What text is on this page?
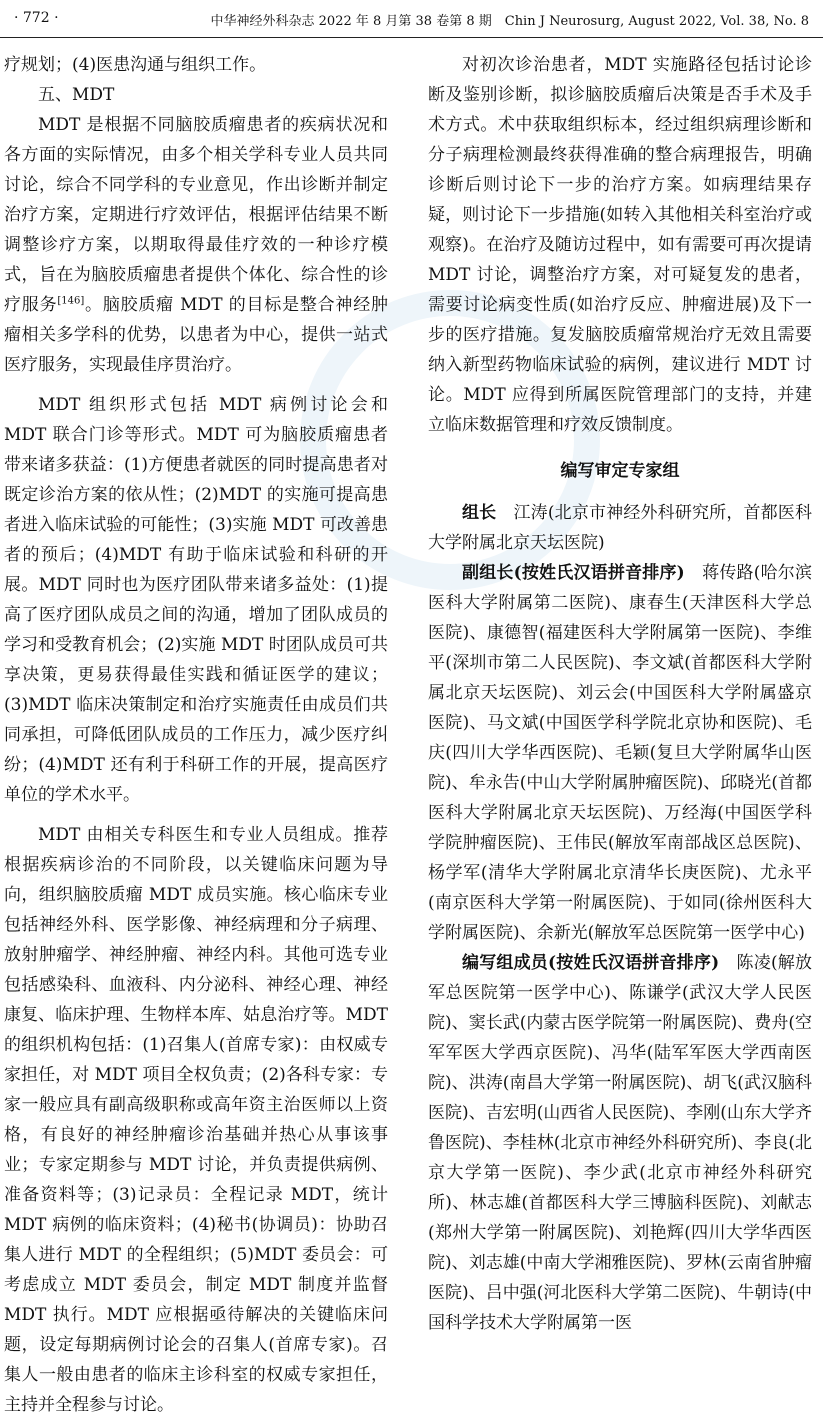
· 772 ·	中华神经外科杂志 2022 年 8 月第 38 卷第 8 期　Chin J Neurosurg, August 2022, Vol. 38, No. 8

疗规划；(4)医患沟通与组织工作。

五、MDT

MDT 是根据不同脑胶质瘤患者的疾病状况和各方面的实际情况，由多个相关学科专业人员共同讨论，综合不同学科的专业意见，作出诊断并制定治疗方案，定期进行疗效评估，根据评估结果不断调整诊疗方案，以期取得最佳疗效的一种诊疗模式，旨在为脑胶质瘤患者提供个体化、综合性的诊疗服务[146]。脑胶质瘤 MDT 的目标是整合神经肿瘤相关多学科的优势，以患者为中心，提供一站式医疗服务，实现最佳序贯治疗。

MDT 组织形式包括 MDT 病例讨论会和 MDT 联合门诊等形式。MDT 可为脑胶质瘤患者带来诸多获益：(1)方便患者就医的同时提高患者对既定诊治方案的依从性；(2)MDT 的实施可提高患者进入临床试验的可能性；(3)实施 MDT 可改善患者的预后；(4)MDT 有助于临床试验和科研的开展。MDT 同时也为医疗团队带来诸多益处：(1)提高了医疗团队成员之间的沟通，增加了团队成员的学习和受教育机会；(2)实施 MDT 时团队成员可共享决策，更易获得最佳实践和循证医学的建议；(3)MDT 临床决策制定和治疗实施责任由成员们共同承担，可降低团队成员的工作压力，减少医疗纠纷；(4)MDT 还有利于科研工作的开展，提高医疗单位的学术水平。

MDT 由相关专科医生和专业人员组成。推荐根据疾病诊治的不同阶段，以关键临床问题为导向，组织脑胶质瘤 MDT 成员实施。核心临床专业包括神经外科、医学影像、神经病理和分子病理、放射肿瘤学、神经肿瘤、神经内科。其他可选专业包括感染科、血液科、内分泌科、神经心理、神经康复、临床护理、生物样本库、姑息治疗等。MDT 的组织机构包括：(1)召集人(首席专家)：由权威专家担任，对 MDT 项目全权负责；(2)各科专家：专家一般应具有副高级职称或高年资主治医师以上资格，有良好的神经肿瘤诊治基础并热心从事该事业；专家定期参与 MDT 讨论，并负责提供病例、准备资料等；(3)记录员：全程记录 MDT，统计 MDT 病例的临床资料；(4)秘书(协调员)：协助召集人进行 MDT 的全程组织；(5)MDT 委员会：可考虑成立 MDT 委员会，制定 MDT 制度并监督 MDT 执行。MDT 应根据亟待解决的关键临床问题，设定每期病例讨论会的召集人(首席专家)。召集人一般由患者的临床主诊科室的权威专家担任，主持并全程参与讨论。

对初次诊治患者，MDT 实施路径包括讨论诊断及鉴别诊断，拟诊脑胶质瘤后决策是否手术及手术方式。术中获取组织标本，经过组织病理诊断和分子病理检测最终获得准确的整合病理报告，明确诊断后则讨论下一步的治疗方案。如病理结果存疑，则讨论下一步措施(如转入其他相关科室治疗或观察)。在治疗及随访过程中，如有需要可再次提请 MDT 讨论，调整治疗方案，对可疑复发的患者，需要讨论病变性质(如治疗反应、肿瘤进展)及下一步的医疗措施。复发脑胶质瘤常规治疗无效且需要纳入新型药物临床试验的病例，建议进行 MDT 讨论。MDT 应得到所属医院管理部门的支持，并建立临床数据管理和疗效反馈制度。

编写审定专家组

组长　江涛(北京市神经外科研究所，首都医科大学附属北京天坛医院)

副组长(按姓氏汉语拼音排序)　蒋传路(哈尔滨医科大学附属第二医院)、康春生(天津医科大学总医院)、康德智(福建医科大学附属第一医院)、李维平(深圳市第二人民医院)、李文斌(首都医科大学附属北京天坛医院)、刘云会(中国医科大学附属盛京医院)、马文斌(中国医学科学院北京协和医院)、毛庆(四川大学华西医院)、毛颖(复旦大学附属华山医院)、牟永告(中山大学附属肿瘤医院)、邱晓光(首都医科大学附属北京天坛医院)、万经海(中国医学科学院肿瘤医院)、王伟民(解放军南部战区总医院)、杨学军(清华大学附属北京清华长庚医院)、尤永平(南京医科大学第一附属医院)、于如同(徐州医科大学附属医院)、余新光(解放军总医院第一医学中心)

编写组成员(按姓氏汉语拼音排序)　陈凌(解放军总医院第一医学中心)、陈谦学(武汉大学人民医院)、窦长武(内蒙古医学院第一附属医院)、费舟(空军军医大学西京医院)、冯华(陆军军医大学西南医院)、洪涛(南昌大学第一附属医院)、胡飞(武汉脑科医院)、吉宏明(山西省人民医院)、李刚(山东大学齐鲁医院)、李桂林(北京市神经外科研究所)、李良(北京大学第一医院)、李少武(北京市神经外科研究所)、林志雄(首都医科大学三博脑科医院)、刘献志(郑州大学第一附属医院)、刘艳辉(四川大学华西医院)、刘志雄(中南大学湘雅医院)、罗林(云南省肿瘤医院)、吕中强(河北医科大学第二医院)、牛朝诗(中国科学技术大学附属第一医
